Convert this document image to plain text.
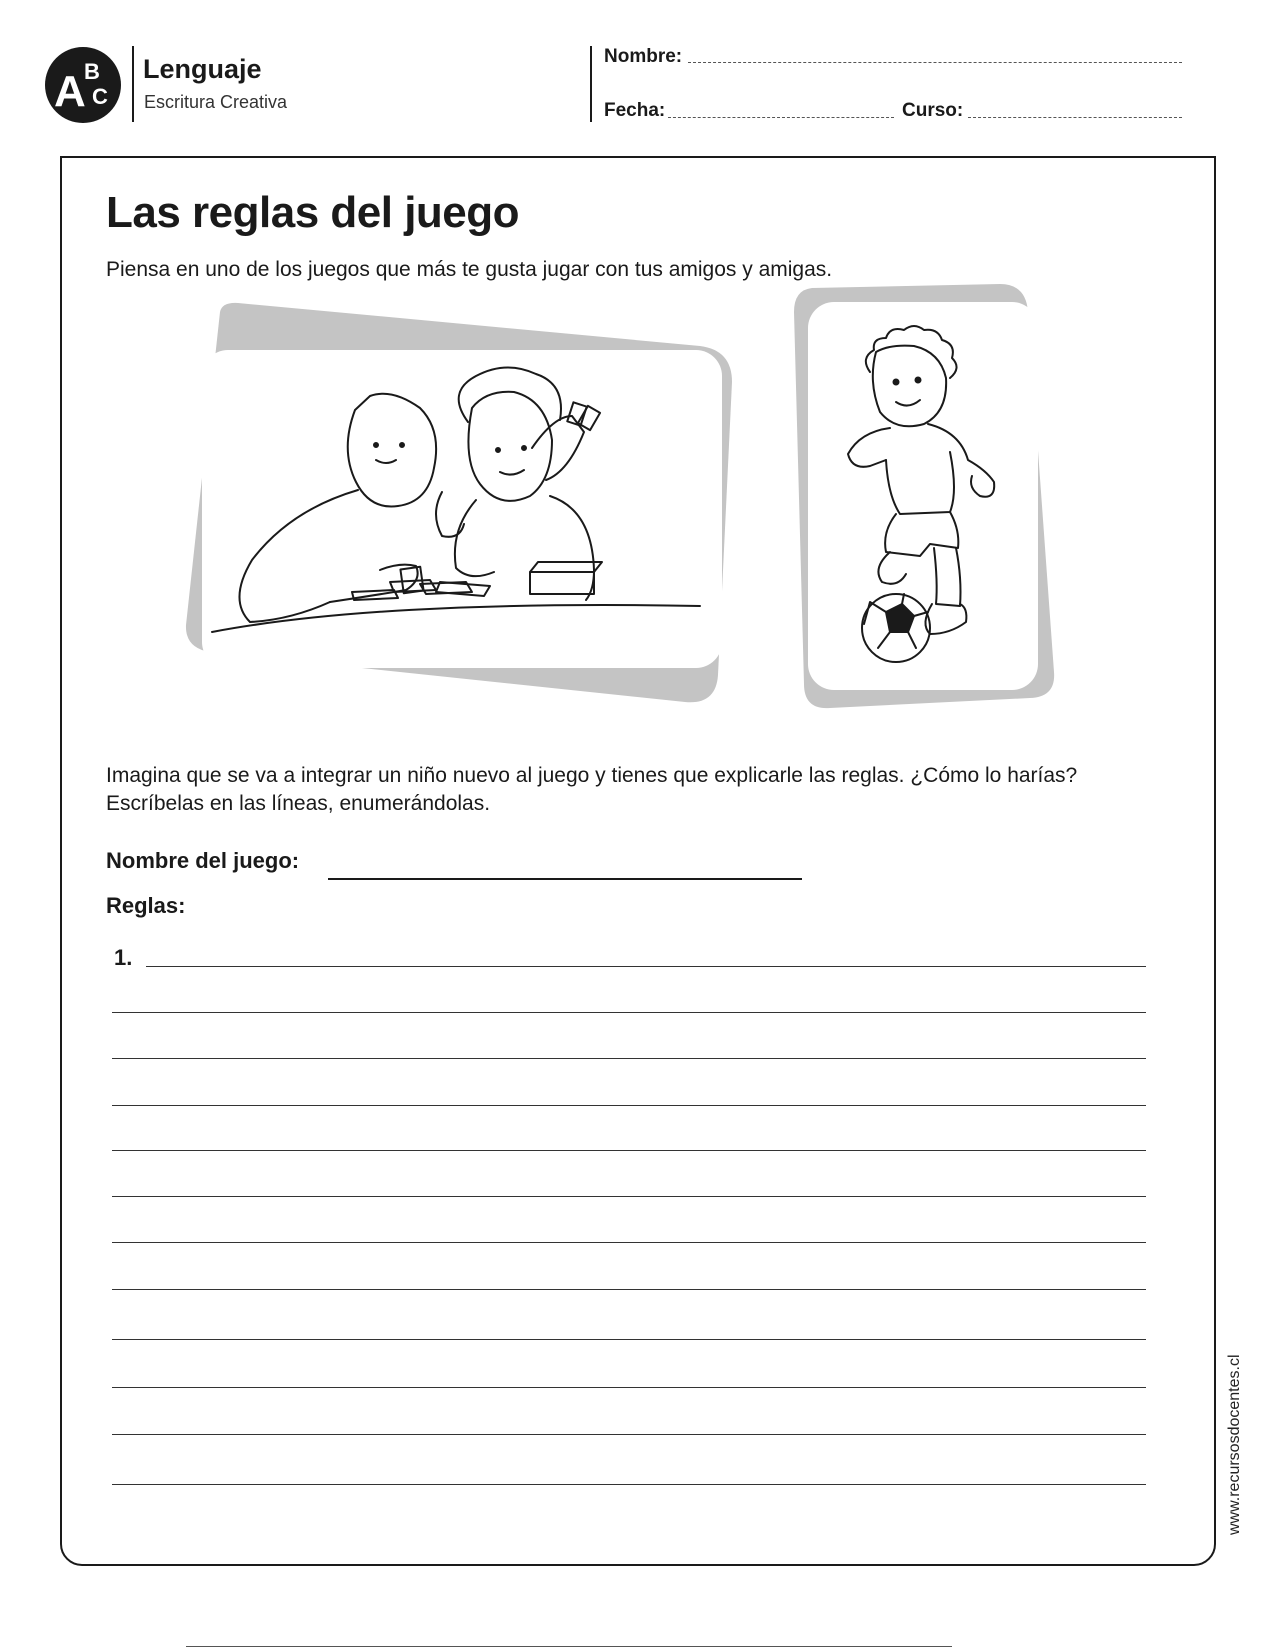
A
B
C
Lenguaje
Escritura Creativa
Nombre:
Fecha:	Curso:
Las reglas del juego
Piensa en uno de los juegos que más te gusta jugar con tus amigos y amigas.
Imagina que se va a integrar un niño nuevo al juego y tienes que explicarle las reglas. ¿Cómo lo harías? Escríbelas en las líneas, enumerándolas.
Nombre del juego:
Reglas:
1.
www.recursosdocentes.cl
